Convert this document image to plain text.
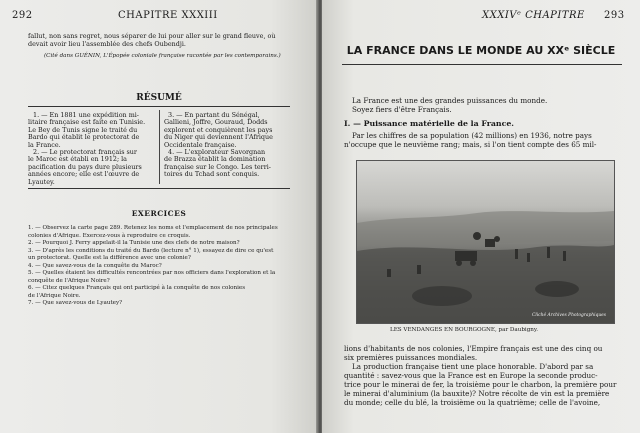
292	CHAPITRE XXXIII
fallut, non sans regret, nous séparer de lui pour aller sur le grand fleuve, où
devait avoir lieu l'assemblée des chefs Oubendji.
(Cité dans GUÉNIN, L'Épopée coloniale française racontée par les contemporains.)
RÉSUMÉ
1. — En 1881 une expédition mi-
litaire française est faite en Tunisie.
Le Bey de Tunis signe le traité du
Bardo qui établit le protectorat de
la France.
2. — Le protectorat français sur
le Maroc est établi en 1912; la
pacification du pays dure plusieurs
années encore; elle est l'œuvre de
Lyautey.
3. — En partant du Sénégal,
Gallieni, Joffre, Gouraud, Dodds
explorent et conquièrent les pays
du Niger qui deviennent l'Afrique
Occidentale française.
4. — L'explorateur Savorgnan
de Brazza établit la domination
française sur le Congo. Les terri-
toires du Tchad sont conquis.
EXERCICES
1. — Observez la carte page 289. Retenez les noms et l'emplacement de nos principales
colonies d'Afrique. Exercez-vous à reproduire ce croquis.
2. — Pourquoi J. Ferry appelait-il la Tunisie une des clefs de notre maison?
3. — D'après les conditions du traité du Bardo (lecture n° 1), essayez de dire ce qu'est
un protectorat. Quelle est la différence avec une colonie?
4. — Que savez-vous de la conquête du Maroc?
5. — Quelles étaient les difficultés rencontrées par nos officiers dans l'exploration et la
conquête de l'Afrique Noire?
6. — Citez quelques Français qui ont participé à la conquête de nos colonies
de l'Afrique Noire.
7. — Que savez-vous de Lyautey?
XXXIVᵉ CHAPITRE 293
LA FRANCE DANS LE MONDE AU XXᵉ SIÈCLE
La France est une des grandes puissances du monde.
Soyez fiers d'être Français.
I. — Puissance matérielle de la France.
Par les chiffres de sa population (42 millions) en 1936, notre pays
n'occupe que le neuvième rang; mais, si l'on tient compte des 65 mil-
Cliché Archives Photographiques
LES VENDANGES EN BOURGOGNE, par Daubigny.
lions d'habitants de nos colonies, l'Empire français est une des cinq ou
six premières puissances mondiales.
La production française tient une place honorable. D'abord par sa
quantité : savez-vous que la France est en Europe la seconde produc-
trice pour le minerai de fer, la troisième pour le charbon, la première pour
le minerai d'aluminium (la bauxite)? Notre récolte de vin est la première
du monde; celle du blé, la troisième ou la quatrième; celle de l'avoine,
